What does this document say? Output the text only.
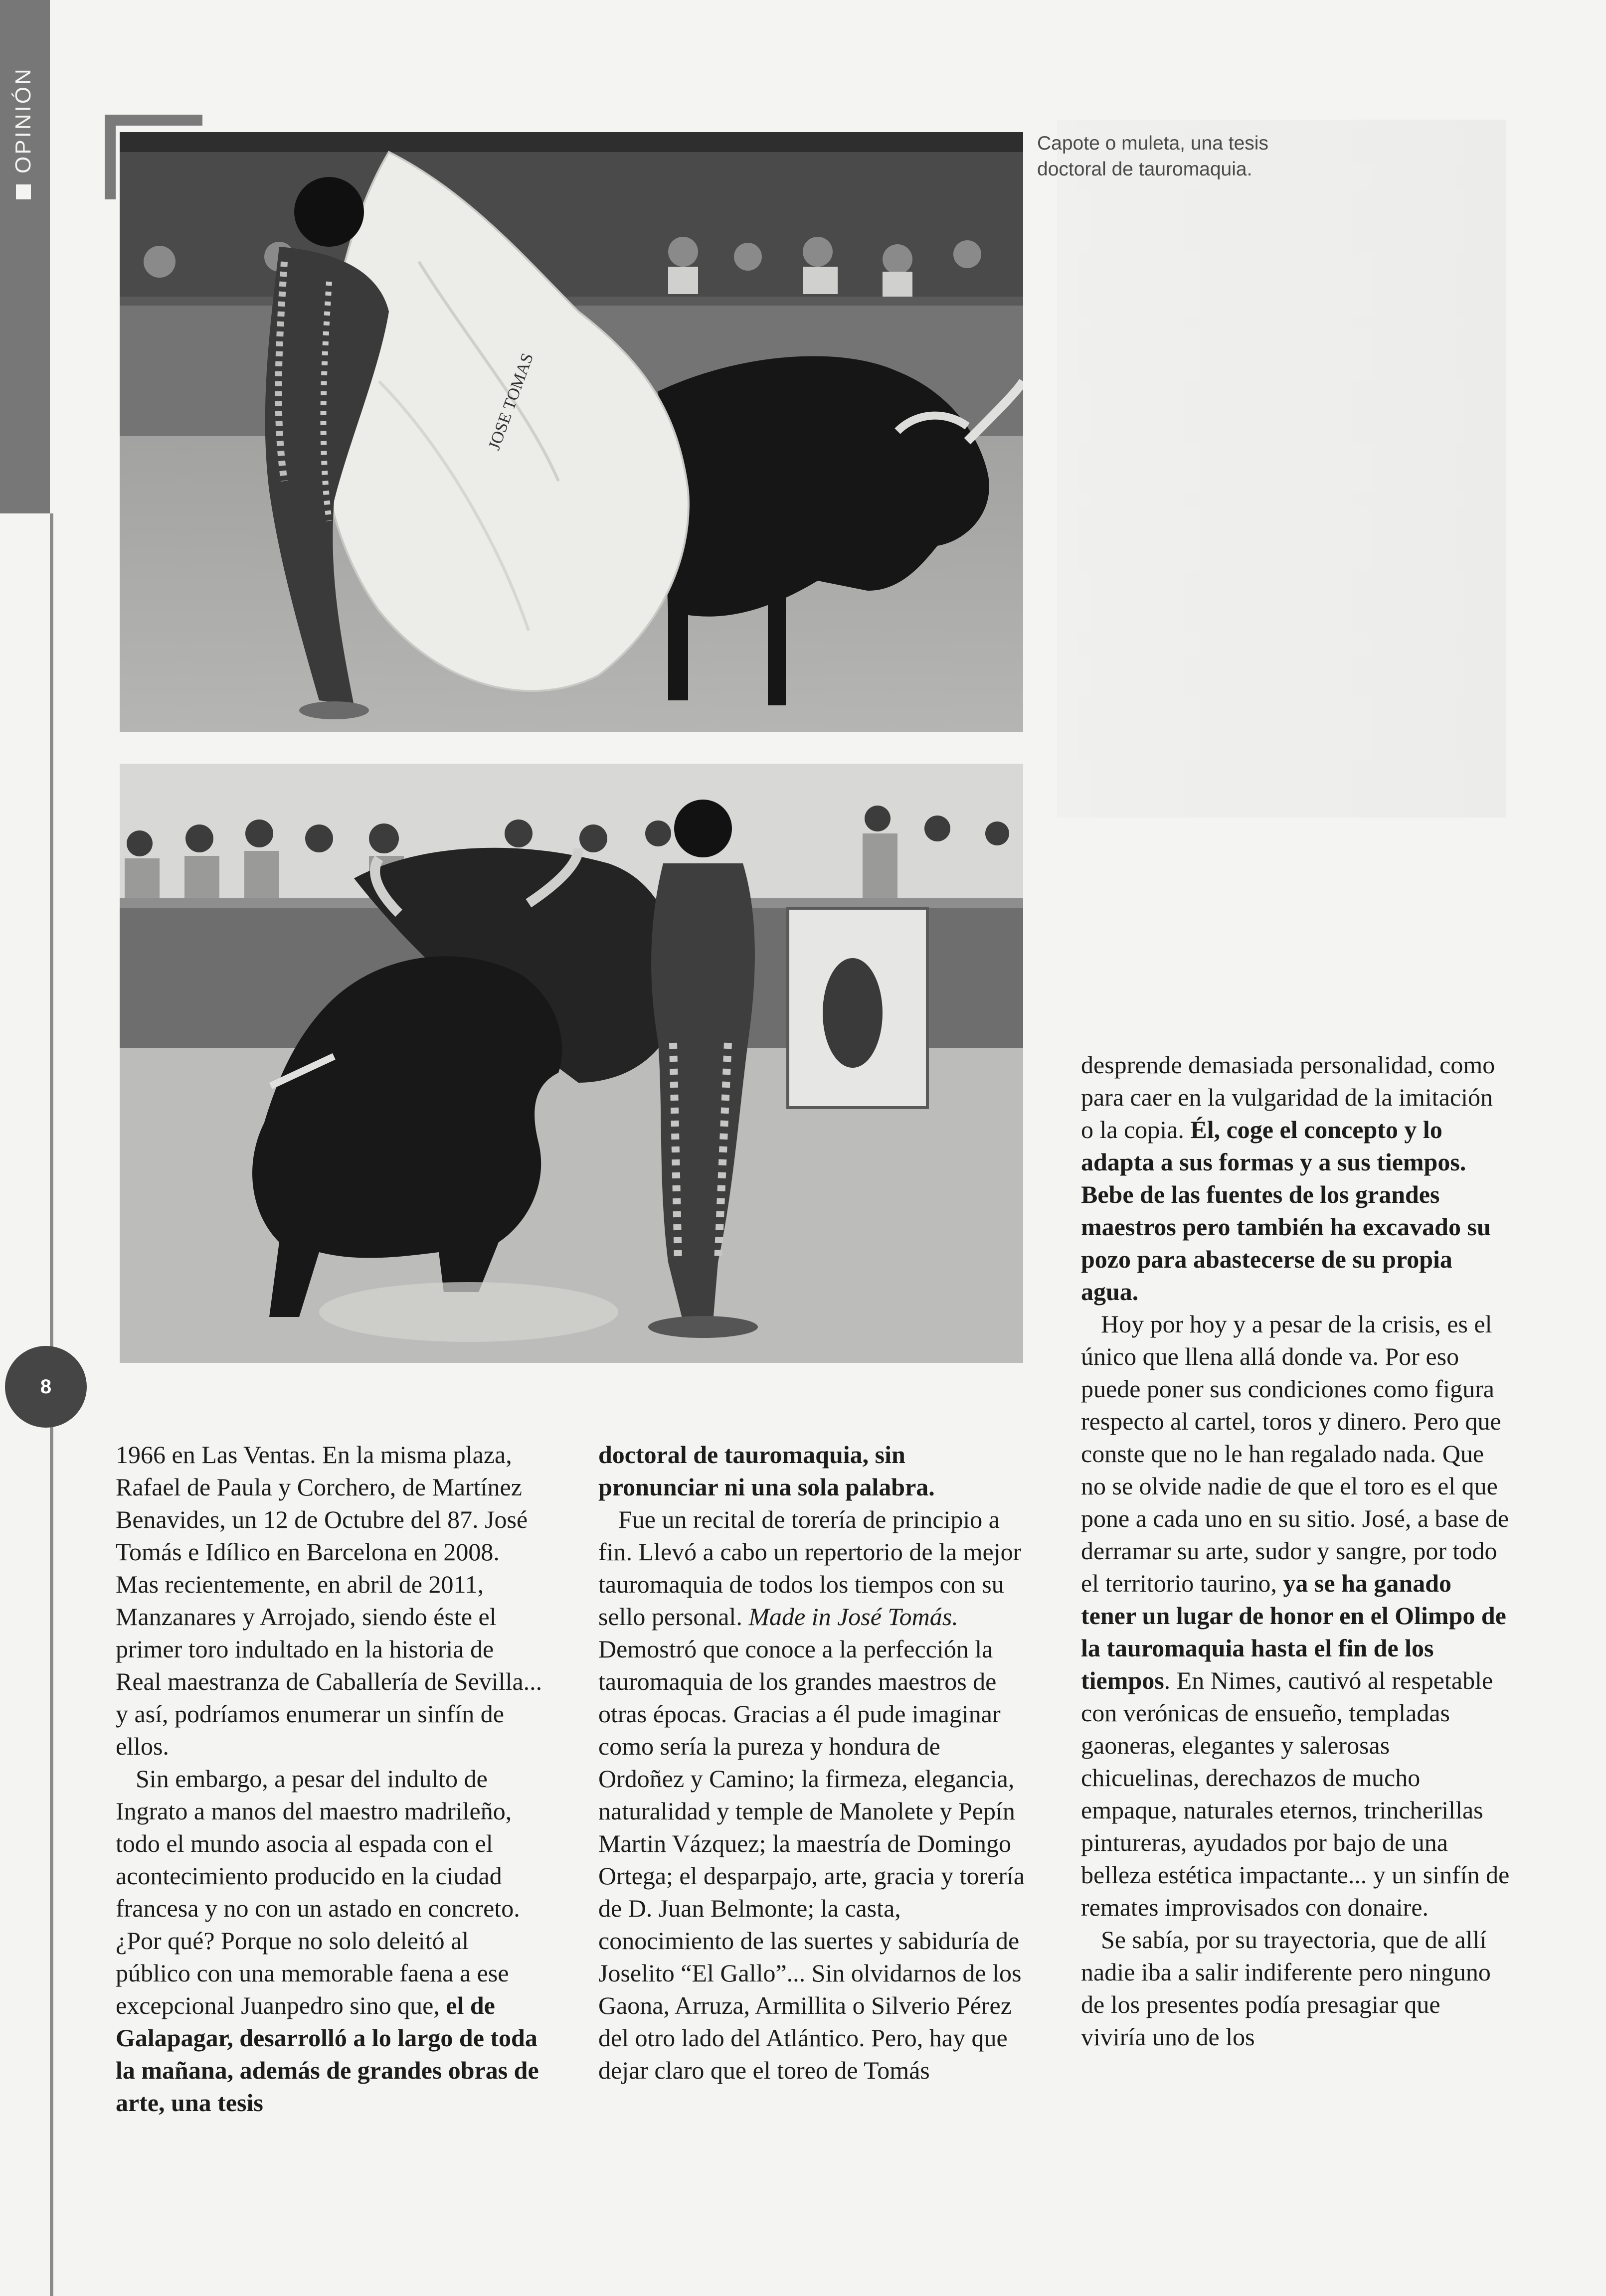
OPINIÓN
JOSE TOMAS
Capote o muleta, una tesis doctoral de tauromaquia.

1966 en Las Ventas. En la misma plaza, Rafael de Paula y Corchero, de Martínez Benavides, un 12 de Octubre del 87. José Tomás e Idílico en Barcelona en 2008. Mas recientemente, en abril de 2011, Manzanares y Arrojado, siendo éste el primer toro indultado en la historia de Real maestranza de Caballería de Sevilla... y así, podríamos enumerar un sinfín de ellos.

Sin embargo, a pesar del indulto de Ingrato a manos del maestro madrileño, todo el mundo asocia al espada con el acontecimiento producido en la ciudad francesa y no con un astado en concreto. ¿Por qué? Porque no solo deleitó al público con una memorable faena a ese excepcional Juanpedro sino que, el de Galapagar, desarrolló a lo largo de toda la mañana, además de grandes obras de arte, una tesis

doctoral de tauromaquia, sin pronunciar ni una sola palabra.

Fue un recital de torería de principio a fin. Llevó a cabo un repertorio de la mejor tauromaquia de todos los tiempos con su sello personal. Made in José Tomás. Demostró que conoce a la perfección la tauromaquia de los grandes maestros de otras épocas. Gracias a él pude imaginar como sería la pureza y hondura de Ordoñez y Camino; la firmeza, elegancia, naturalidad y temple de Manolete y Pepín Martin Vázquez; la maestría de Domingo Ortega; el desparpajo, arte, gracia y torería de D. Juan Belmonte; la casta, conocimiento de las suertes y sabiduría de Joselito “El Gallo”... Sin olvidarnos de los Gaona, Arruza, Armillita o Silverio Pérez del otro lado del Atlántico. Pero, hay que dejar claro que el toreo de Tomás

desprende demasiada personalidad, como para caer en la vulgaridad de la imitación o la copia. Él, coge el concepto y lo adapta a sus formas y a sus tiempos. Bebe de las fuentes de los grandes maestros pero también ha excavado su pozo para abastecerse de su propia agua.

Hoy por hoy y a pesar de la crisis, es el único que llena allá donde va. Por eso puede poner sus condiciones como figura respecto al cartel, toros y dinero. Pero que conste que no le han regalado nada. Que no se olvide nadie de que el toro es el que pone a cada uno en su sitio. José, a base de derramar su arte, sudor y sangre, por todo el territorio taurino, ya se ha ganado tener un lugar de honor en el Olimpo de la tauromaquia hasta el fin de los tiempos. En Nimes, cautivó al respetable con verónicas de ensueño, templadas gaoneras, elegantes y salerosas chicuelinas, derechazos de mucho empaque, naturales eternos, trincherillas pintureras, ayudados por bajo de una belleza estética impactante... y un sinfín de remates improvisados con donaire.

Se sabía, por su trayectoria, que de allí nadie iba a salir indiferente pero ninguno de los presentes podía presagiar que viviría uno de los

8
